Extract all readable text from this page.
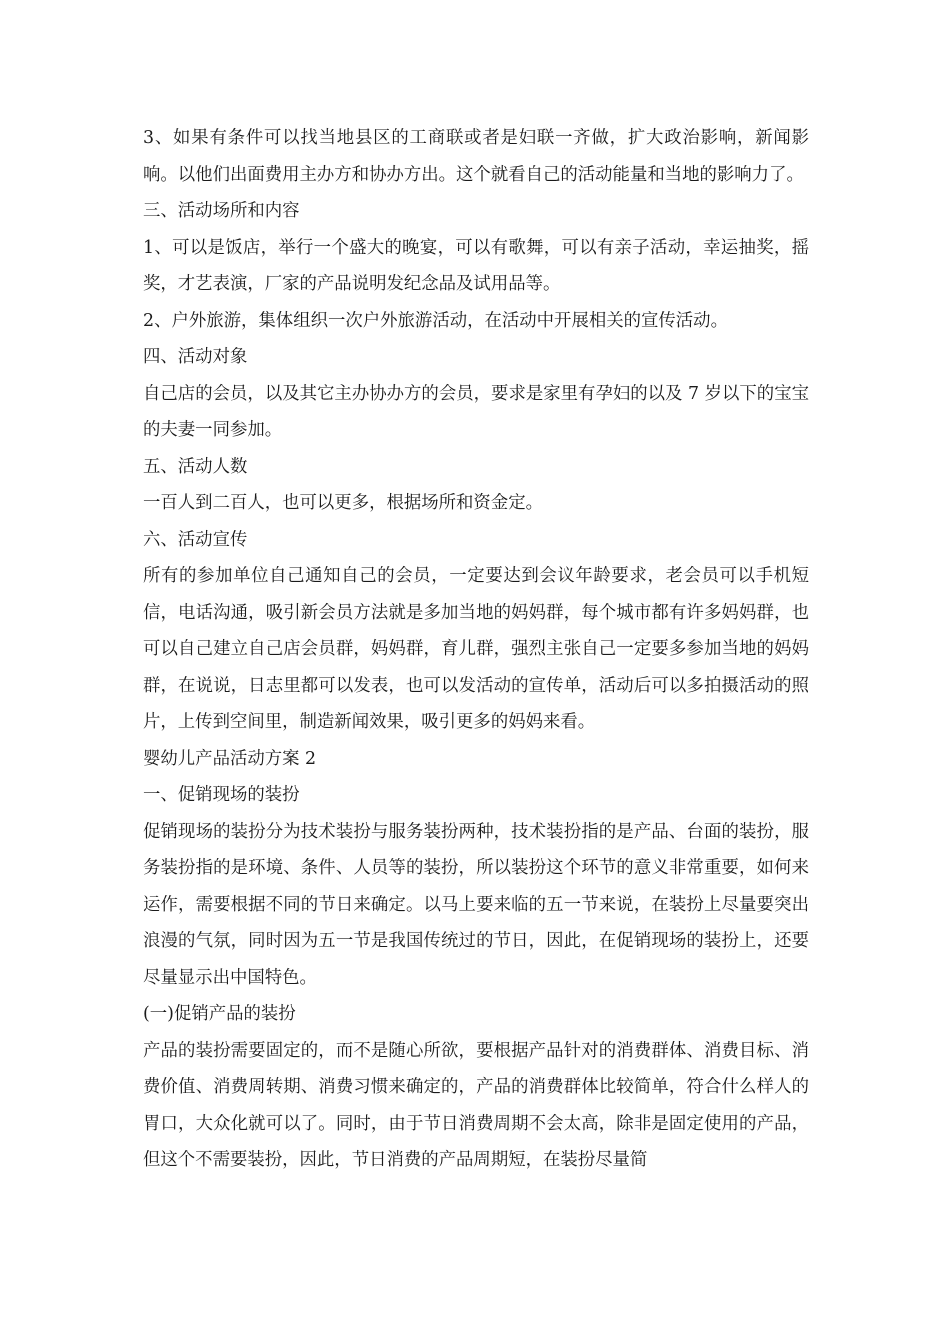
3、如果有条件可以找当地县区的工商联或者是妇联一齐做，扩大政治影响，新闻影响。以他们出面费用主办方和协办方出。这个就看自己的活动能量和当地的影响力了。

三、活动场所和内容

1、可以是饭店，举行一个盛大的晚宴，可以有歌舞，可以有亲子活动，幸运抽奖，摇奖，才艺表演，厂家的产品说明发纪念品及试用品等。

2、户外旅游，集体组织一次户外旅游活动，在活动中开展相关的宣传活动。

四、活动对象

自己店的会员，以及其它主办协办方的会员，要求是家里有孕妇的以及 7 岁以下的宝宝的夫妻一同参加。

五、活动人数

一百人到二百人，也可以更多，根据场所和资金定。

六、活动宣传

所有的参加单位自己通知自己的会员，一定要达到会议年龄要求，老会员可以手机短信，电话沟通，吸引新会员方法就是多加当地的妈妈群，每个城市都有许多妈妈群，也可以自己建立自己店会员群，妈妈群，育儿群，强烈主张自己一定要多参加当地的妈妈群，在说说，日志里都可以发表，也可以发活动的宣传单，活动后可以多拍摄活动的照片，上传到空间里，制造新闻效果，吸引更多的妈妈来看。

婴幼儿产品活动方案 2

一、促销现场的装扮

促销现场的装扮分为技术装扮与服务装扮两种，技术装扮指的是产品、台面的装扮，服务装扮指的是环境、条件、人员等的装扮，所以装扮这个环节的意义非常重要，如何来运作，需要根据不同的节日来确定。以马上要来临的五一节来说，在装扮上尽量要突出浪漫的气氛，同时因为五一节是我国传统过的节日，因此，在促销现场的装扮上，还要尽量显示出中国特色。

(一)促销产品的装扮

产品的装扮需要固定的，而不是随心所欲，要根据产品针对的消费群体、消费目标、消费价值、消费周转期、消费习惯来确定的，产品的消费群体比较简单，符合什么样人的胃口，大众化就可以了。同时，由于节日消费周期不会太高，除非是固定使用的产品，但这个不需要装扮，因此，节日消费的产品周期短，在装扮尽量简
